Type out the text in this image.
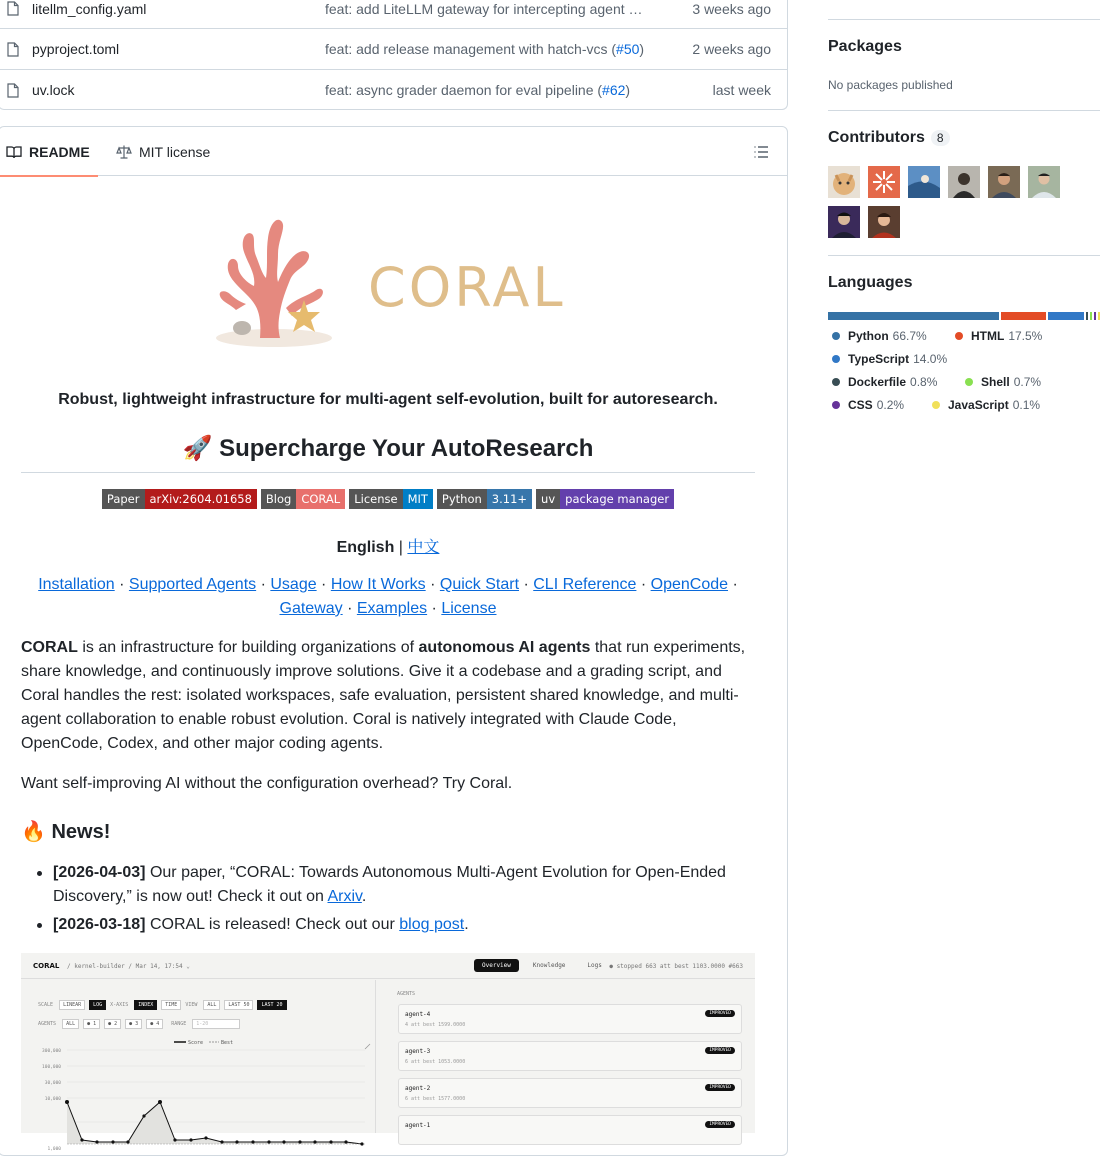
litellm_config.yaml	feat: add LiteLLM gateway for intercepting agent …	3 weeks ago
pyproject.toml	feat: add release management with hatch-vcs (#50)	2 weeks ago
uv.lock	feat: async grader daemon for eval pipeline (#62)	last week
README	MIT license
CORAL
Robust, lightweight infrastructure for multi-agent self-evolution, built for autoresearch.
🚀 Supercharge Your AutoResearch
Paper arXiv:2604.01658	Blog CORAL	License MIT	Python 3.11+	uv package manager
English | 中文
Installation · Supported Agents · Usage · How It Works · Quick Start · CLI Reference · OpenCode · Gateway · Examples · License
CORAL is an infrastructure for building organizations of autonomous AI agents that run experiments, share knowledge, and continuously improve solutions. Give it a codebase and a grading script, and Coral handles the rest: isolated workspaces, safe evaluation, persistent shared knowledge, and multi-agent collaboration to enable robust evolution. Coral is natively integrated with Claude Code, OpenCode, Codex, and other major coding agents.
Want self-improving AI without the configuration overhead? Try Coral.
🔥 News!
[2026-04-03] Our paper, “CORAL: Towards Autonomous Multi-Agent Evolution for Open-Ended Discovery,” is now out! Check it out on Arxiv.
[2026-03-18] CORAL is released! Check out our blog post.
CORAL / kernel-builder / Mar 14, 17:54 ⌄	Overview	Knowledge	Logs	● stopped 663 att best 1103.0000 #663
SCALE	LINEAR	LOG	X-AXIS	INDEX	TIME	VIEW	ALL	LAST 50	LAST 20
AGENTS	ALL	● 1	● 2	● 3	● 4	RANGE	1-20
Score	Best
300,000
100,000
30,000
10,000
1,000
AGENTS
agent-4
4 att best 1599.0000
IMPROVED
agent-3
6 att best 1053.0000
IMPROVED
agent-2
6 att best 1577.0000
IMPROVED
agent-1	IMPROVED
Packages
No packages published
Contributors 8
Languages
Python 66.7%	HTML 17.5%
TypeScript 14.0%
Dockerfile 0.8%	Shell 0.7%
CSS 0.2%	JavaScript 0.1%
